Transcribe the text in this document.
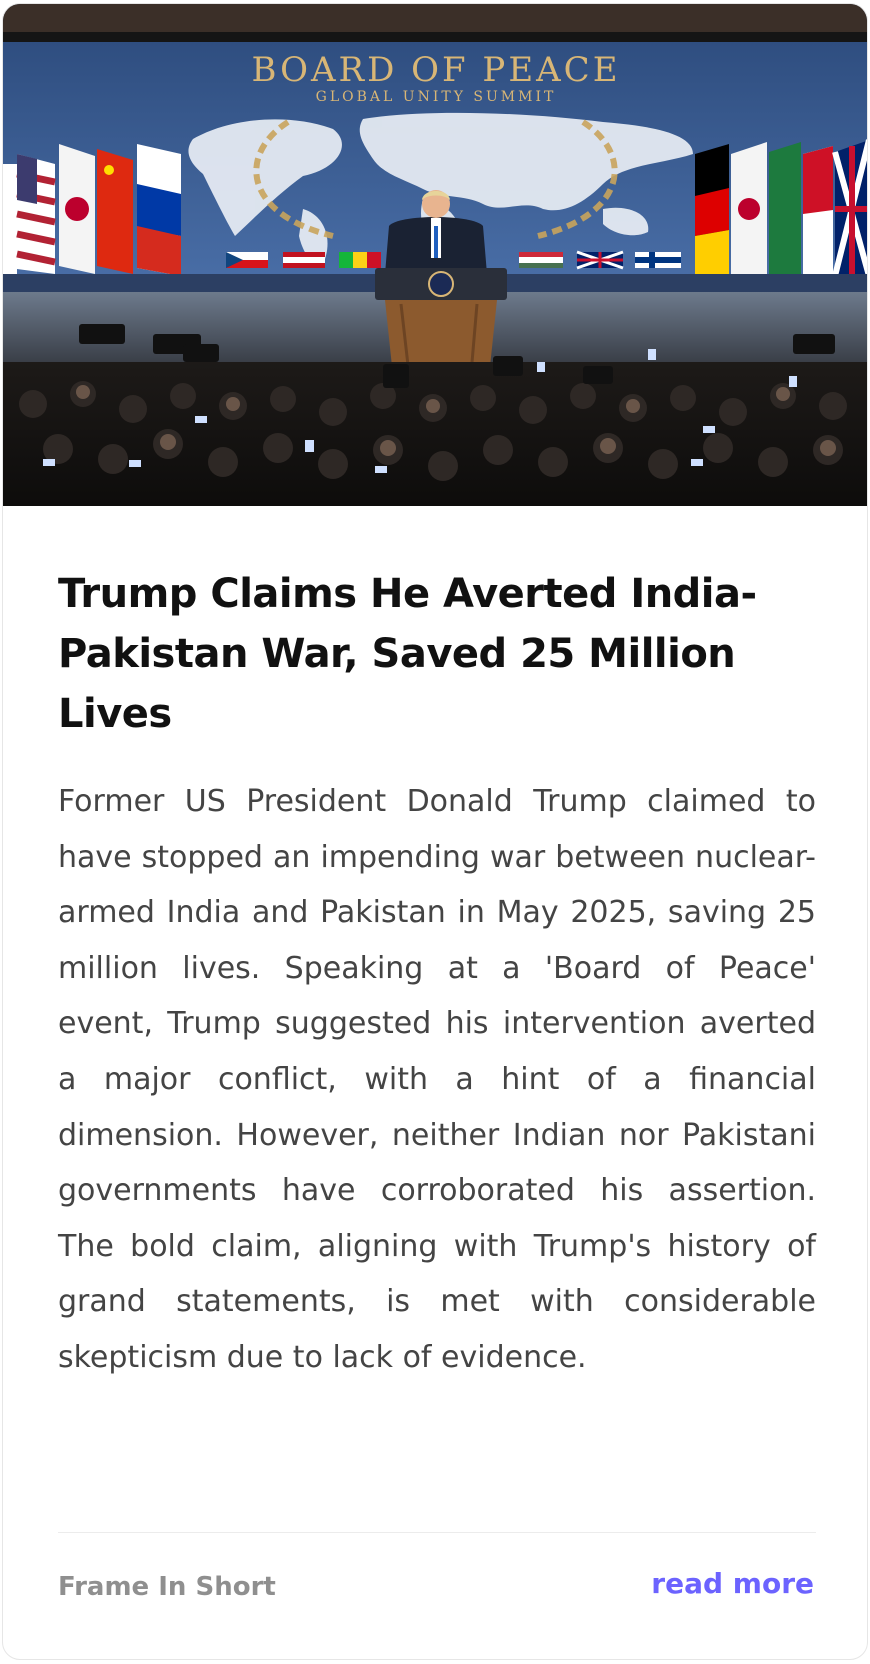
BOARD OF PEACE
GLOBAL UNITY SUMMIT
Trump Claims He Averted India-Pakistan War, Saved 25 Million Lives

Former US President Donald Trump claimed to have stopped an impending war between nuclear-armed India and Pakistan in May 2025, saving 25 million lives. Speaking at a 'Board of Peace' event, Trump suggested his intervention averted a major conflict, with a hint of a financial dimension. However, neither Indian nor Pakistani governments have corroborated his assertion. The bold claim, aligning with Trump's history of grand statements, is met with considerable skepticism due to lack of evidence.

Frame In Short	read more
